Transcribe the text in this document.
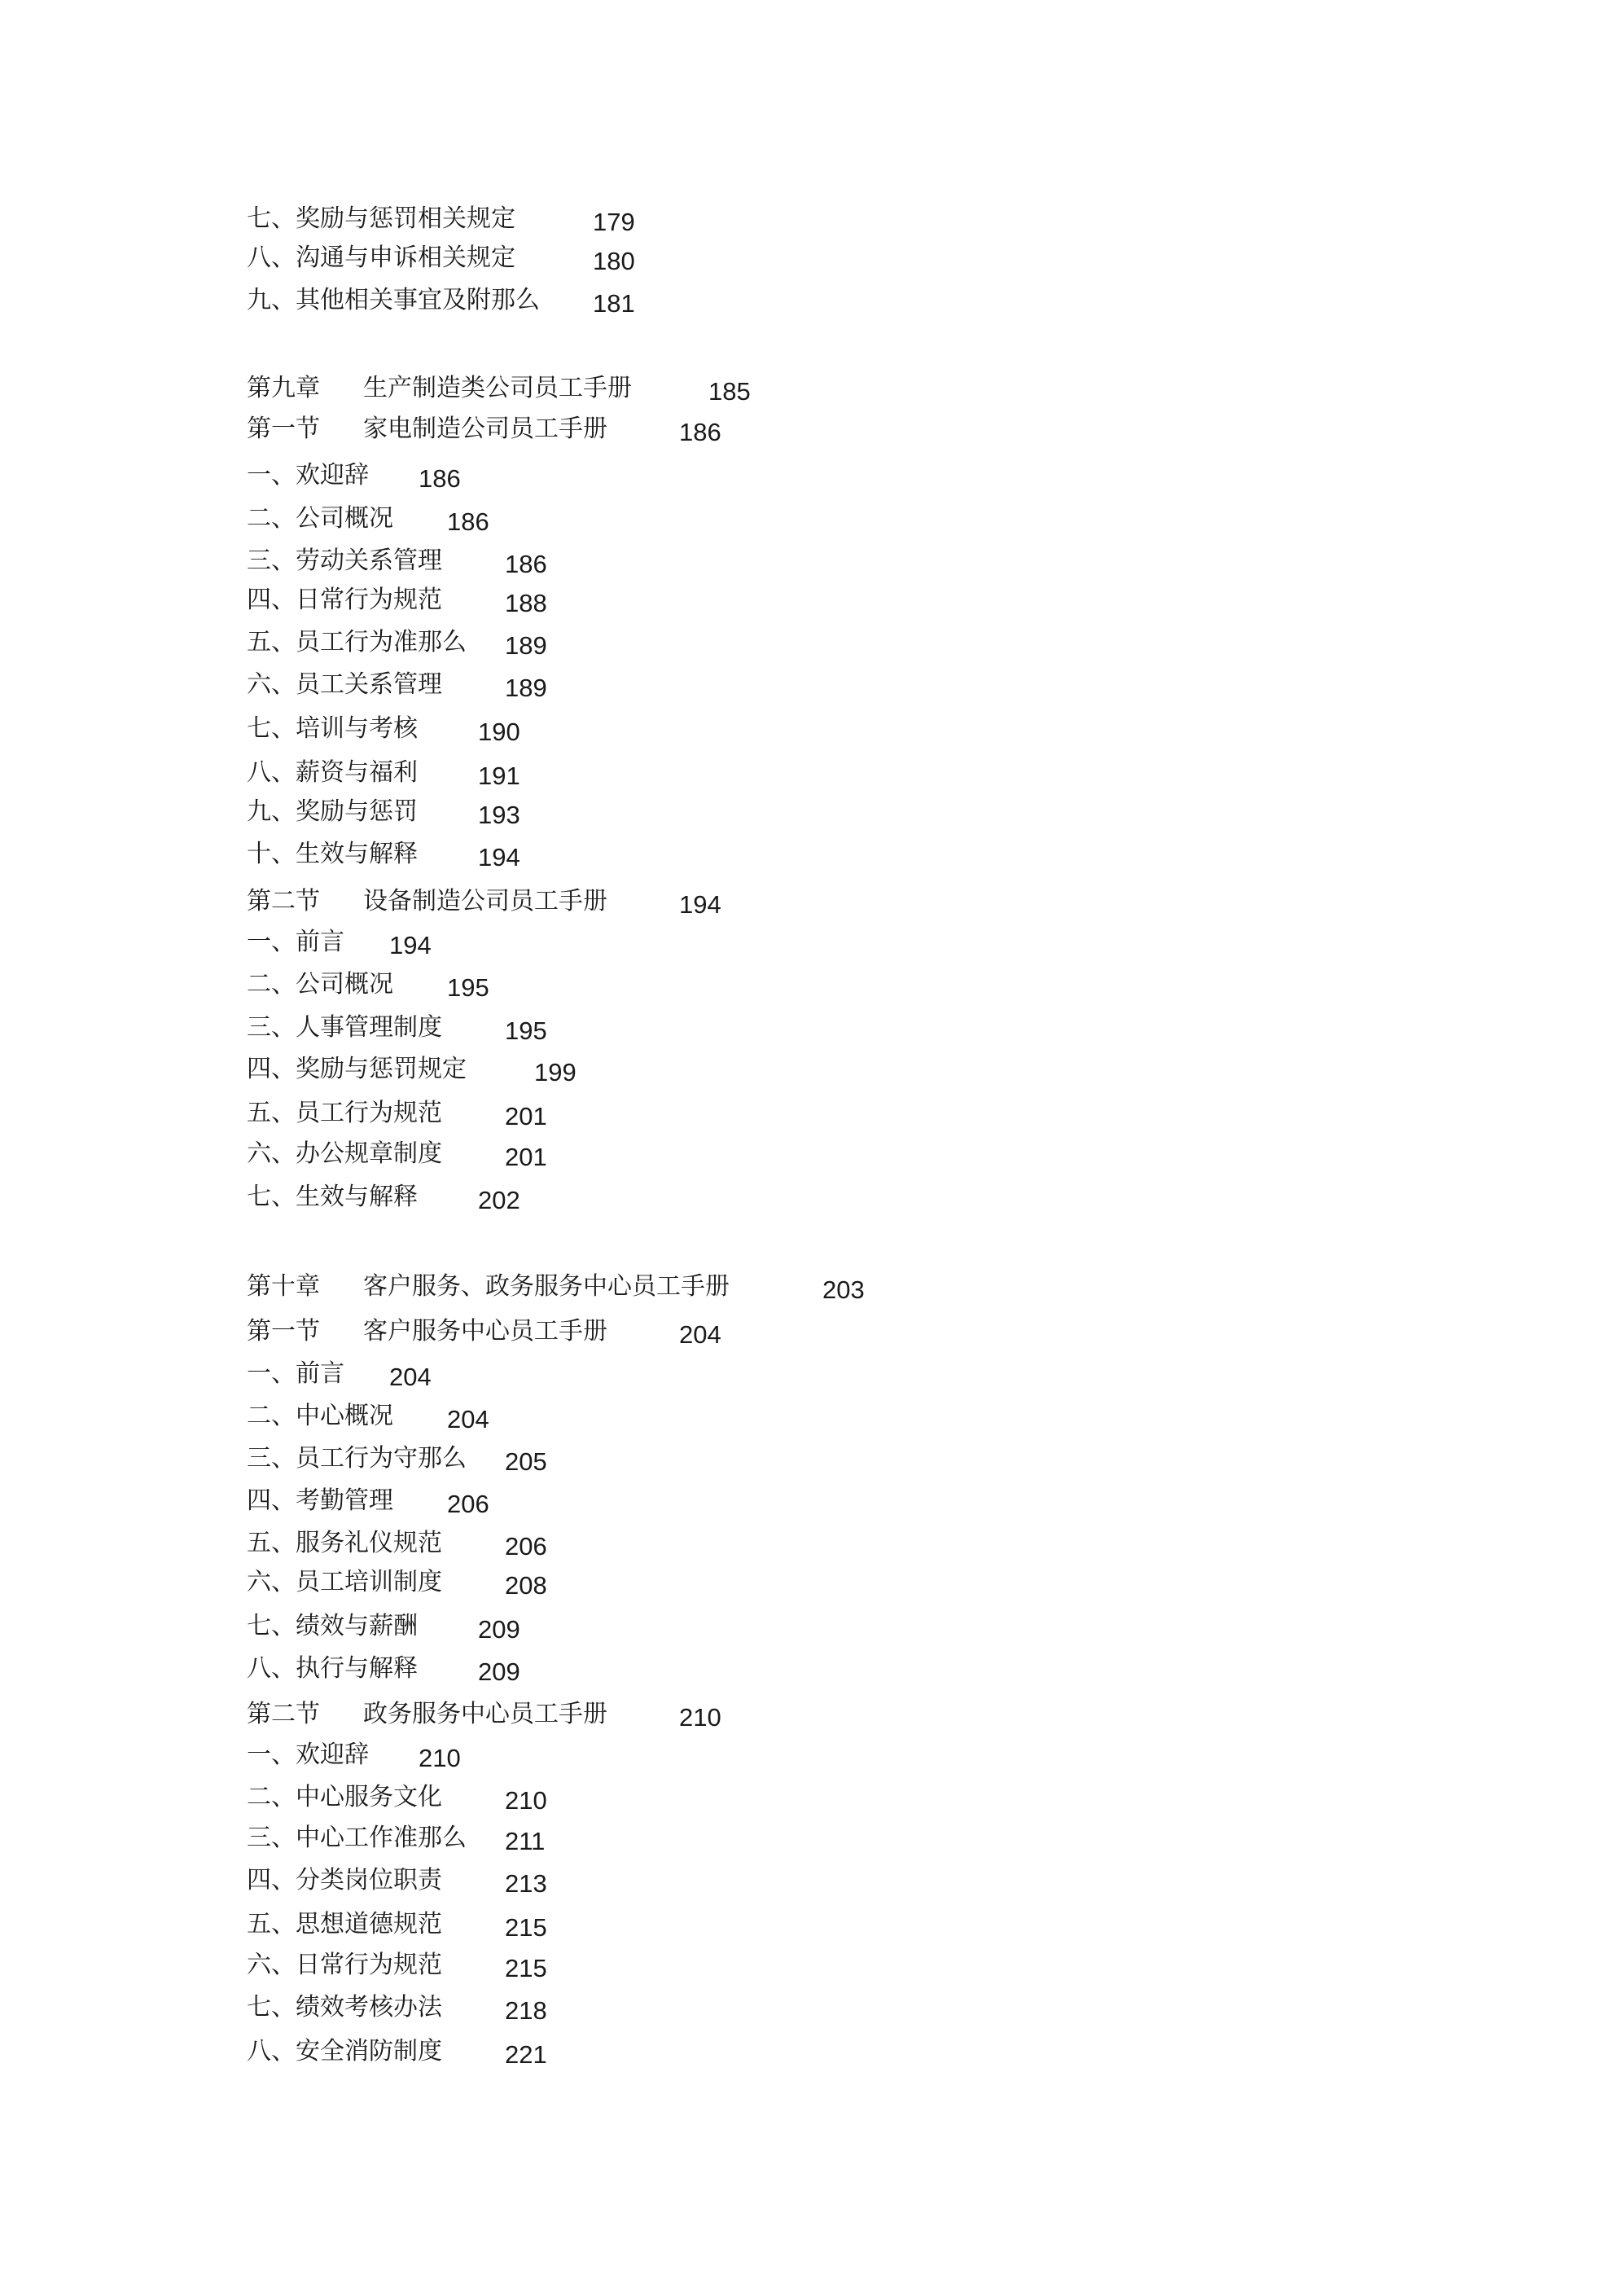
七、奖励与惩罚相关规定	179
八、沟通与申诉相关规定	180
九、其他相关事宜及附那么 181
第九章 生产制造类公司员工手册	185
第一节 家电制造公司员工手册	186
一、欢迎辞 186
二、公司概况 186
三、劳动关系管理 186
四、日常行为规范 188
五、员工行为准那么 189
六、员工关系管理 189
七、培训与考核 190
八、薪资与福利 191
九、奖励与惩罚 193
十、生效与解释 194
第二节 设备制造公司员工手册	194
一、前言 194
二、公司概况 195
三、人事管理制度 195
四、奖励与惩罚规定	199
五、员工行为规范 201
六、办公规章制度 201
七、生效与解释 202
第十章 客户服务、政务服务中心员工手册	203
第一节 客户服务中心员工手册	204
一、前言 204
二、中心概况 204
三、员工行为守那么 205
四、考勤管理 206
五、服务礼仪规范 206
六、员工培训制度 208
七、绩效与薪酬 209
八、执行与解释 209
第二节 政务服务中心员工手册	210
一、欢迎辞 210
二、中心服务文化 210
三、中心工作准那么 211
四、分类岗位职责 213
五、思想道德规范 215
六、日常行为规范 215
七、绩效考核办法 218
八、安全消防制度 221
